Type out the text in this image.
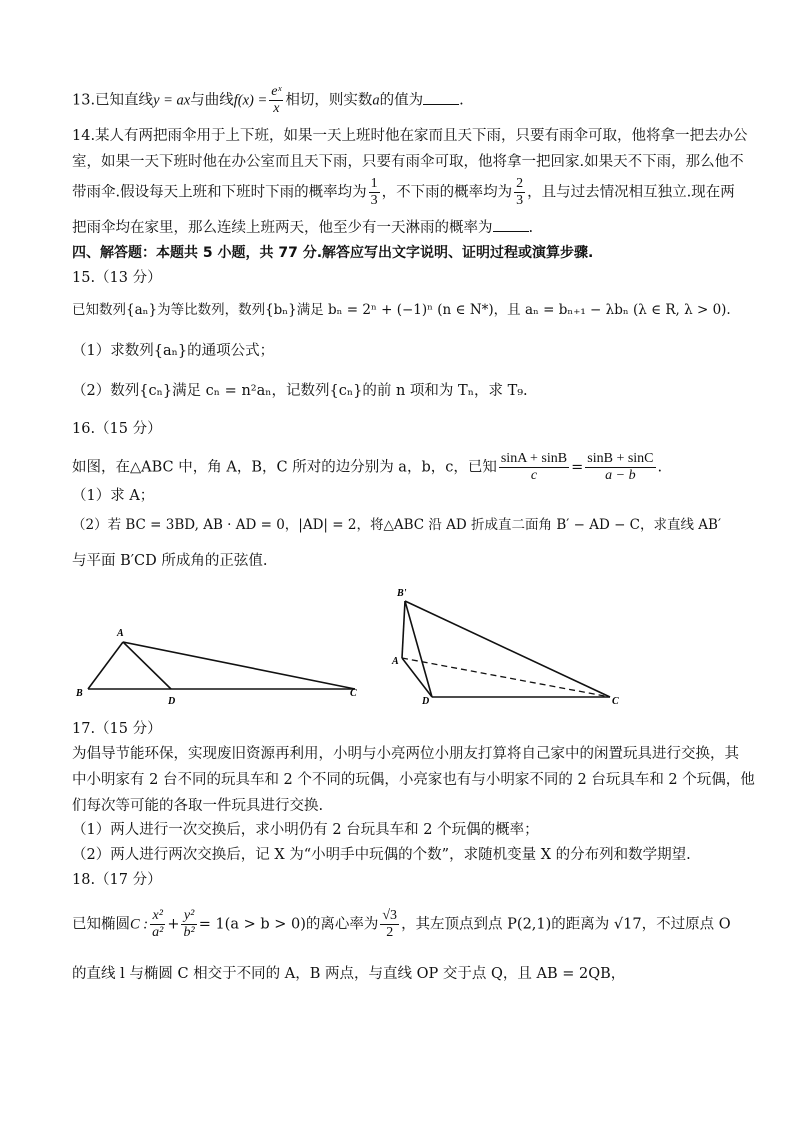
13.已知直线y = ax与曲线$f(x) = \frac{\text{eˣ}}{x}$ 相切，则实数a的值为 .
14.某人有两把雨伞用于上下班，如果一天上班时他在家而且天下雨，只要有雨伞可取，他将拿一把去办公
室，如果一天下班时他在办公室而且天下雨，只要有雨伞可取，他将拿一把回家.如果天不下雨，那么他不
带雨伞.假设每天上班和下班时下雨的概率均为 $\frac{1}{3}$ ，不下雨的概率均为 $\frac{2}{3}$ ，且与过去情况相互独立.现在两
把雨伞均在家里，那么连续上班两天，他至少有一天淋雨的概率为 .
四、解答题：本题共 5 小题，共 77 分.解答应写出文字说明、证明过程或演算步骤.
15.（13 分）
已知数列{aₙ}为等比数列，数列{bₙ}满足 bₙ = 2ⁿ + (−1)ⁿ (n ∈ N*)，且 aₙ = bₙ₊₁ − λbₙ (λ ∈ R, λ > 0).
（1）求数列{aₙ}的通项公式；
（2）数列{cₙ}满足 cₙ = n²aₙ，记数列{cₙ}的前 n 项和为 Tₙ，求 T₉.
16.（15 分）
如图，在△ABC 中，角 A，B，C 所对的边分别为 a，b，c，已知 $\frac{\sin A + \sin B}{c} = \frac{\sin B + \sin C}{a - b}$ .
（1）求 A；
（2）若 BC = 3BD, AB · AD = 0，|AD| = 2，将△ABC 沿 AD 折成直二面角 B′ − AD − C，求直线 AB′
与平面 B′CD 所成角的正弦值.
A
B
D
C
B'
A
D	C
17.（15 分）
为倡导节能环保，实现废旧资源再利用，小明与小亮两位小朋友打算将自己家中的闲置玩具进行交换，其
中小明家有 2 台不同的玩具车和 2 个不同的玩偶，小亮家也有与小明家不同的 2 台玩具车和 2 个玩偶，他
们每次等可能的各取一件玩具进行交换.
（1）两人进行一次交换后，求小明仍有 2 台玩具车和 2 个玩偶的概率；
（2）两人进行两次交换后，记 X 为“小明手中玩偶的个数”，求随机变量 X 的分布列和数学期望.
18.（17 分）
已知椭圆C : $\frac{\text{x²}}{\text{a²}} + \frac{\text{y²}}{\text{b²}} = 1(a > b > 0)$的离心率为 $\frac{√3}{2}$ ，其左顶点到点 P(2,1)的距离为 √17，不过原点 O
的直线 l 与椭圆 C 相交于不同的 A，B 两点，与直线 OP 交于点 Q，且 AB = 2QB，
